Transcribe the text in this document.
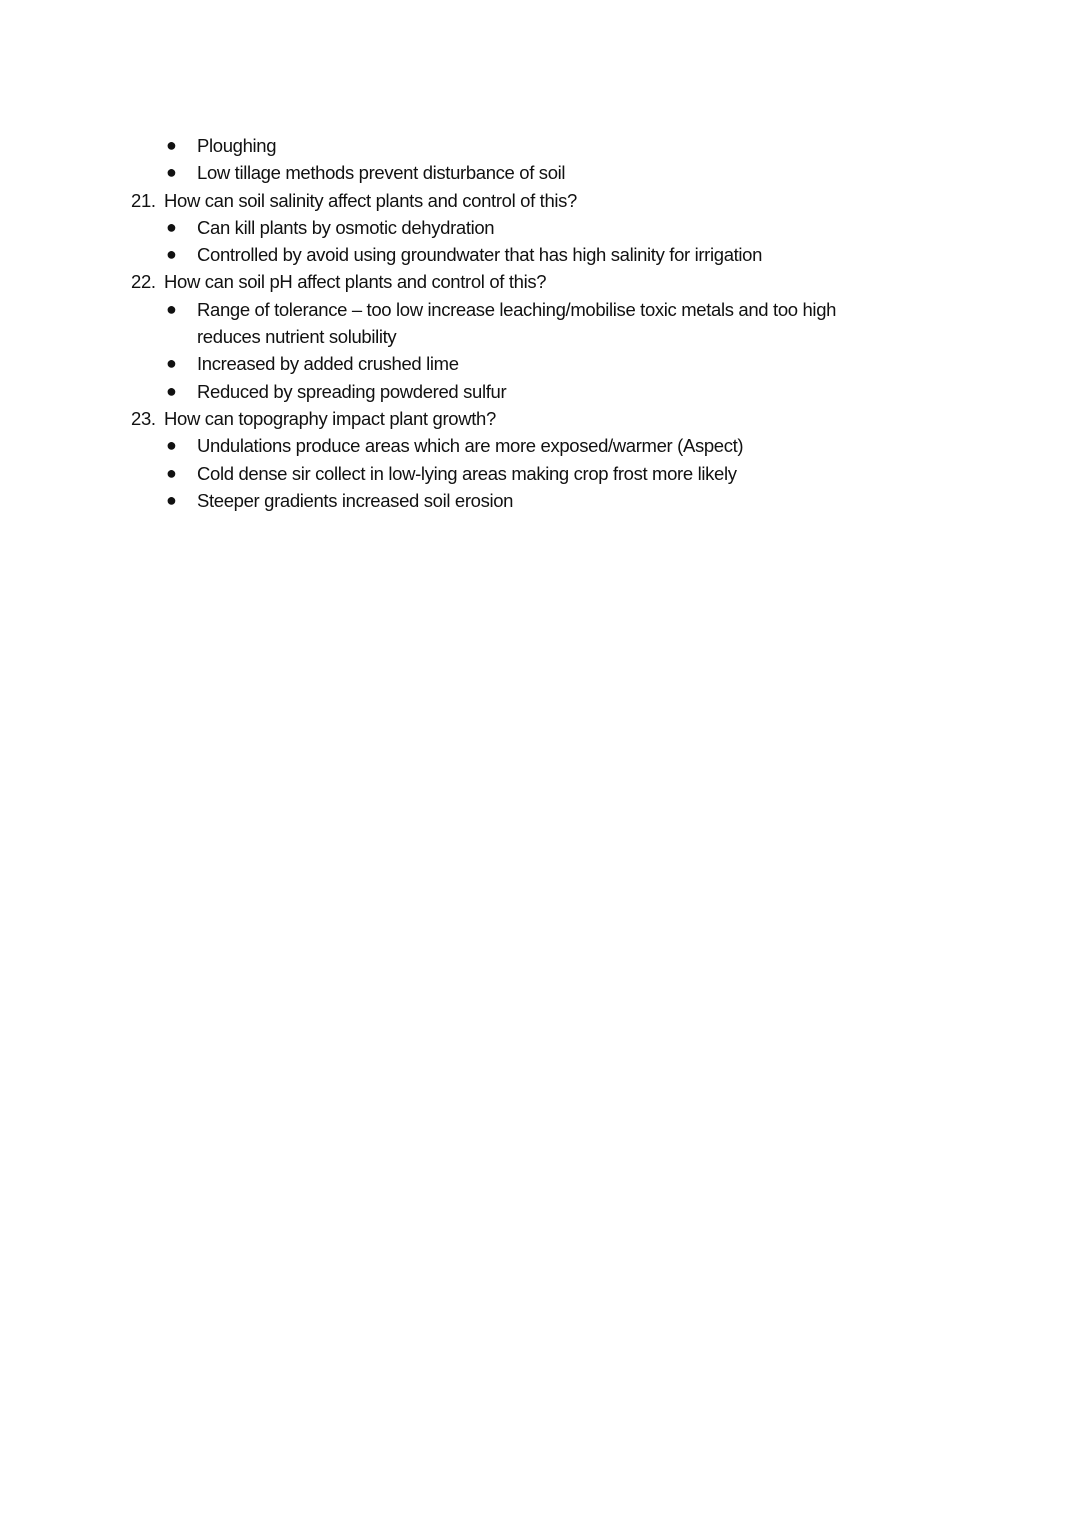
● Ploughing
● Low tillage methods prevent disturbance of soil
21. How can soil salinity affect plants and control of this?
● Can kill plants by osmotic dehydration
● Controlled by avoid using groundwater that has high salinity for irrigation
22. How can soil pH affect plants and control of this?
● Range of tolerance – too low increase leaching/mobilise toxic metals and too high
reduces nutrient solubility
● Increased by added crushed lime
● Reduced by spreading powdered sulfur
23. How can topography impact plant growth?
● Undulations produce areas which are more exposed/warmer (Aspect)
● Cold dense sir collect in low-lying areas making crop frost more likely
● Steeper gradients increased soil erosion
